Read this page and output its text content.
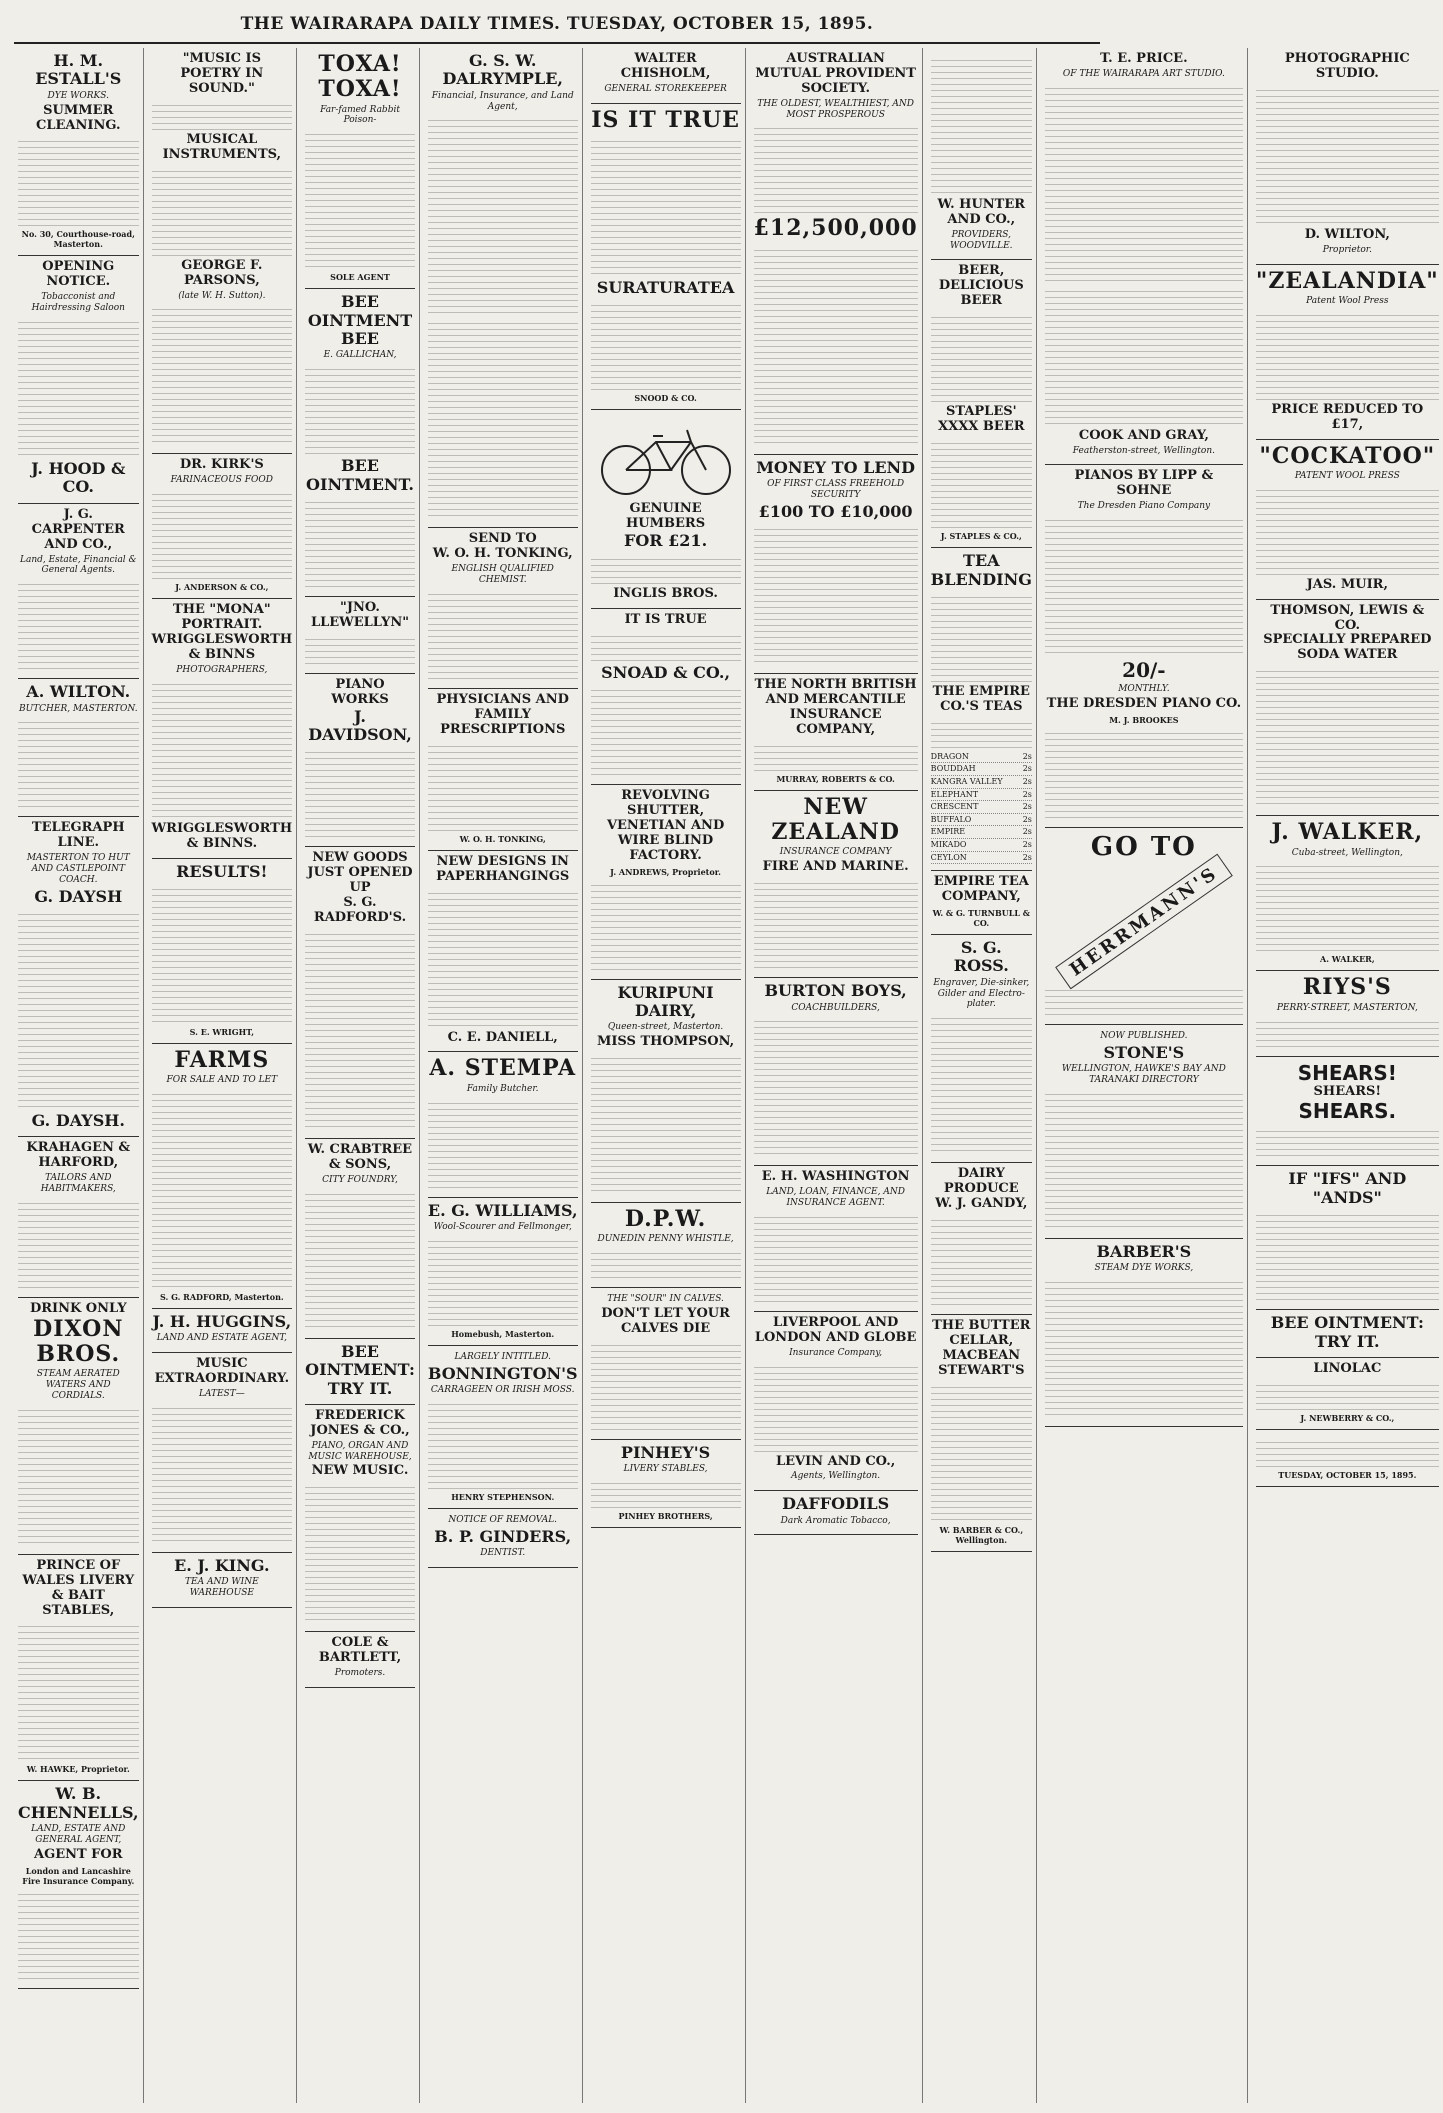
THE WAIRARAPA DAILY TIMES. TUESDAY, OCTOBER 15, 1895.
H. M. ESTALL'S
DYE WORKS.
SUMMER CLEANING.
No. 30, Courthouse-road, Masterton.
OPENING NOTICE.
Tobacconist and Hairdressing Saloon
J. HOOD & CO.
J. G. CARPENTER AND CO.,
Land, Estate, Financial & General Agents.
A. WILTON.
BUTCHER, MASTERTON.
TELEGRAPH LINE.
MASTERTON TO HUT AND CASTLEPOINT COACH.
G. DAYSH
G. DAYSH.
KRAHAGEN & HARFORD,
TAILORS AND HABITMAKERS,
DRINK ONLY
DIXON BROS.
STEAM AERATED WATERS AND CORDIALS.
PRINCE OF WALES LIVERY & BAIT STABLES,
W. HAWKE, Proprietor.
W. B. CHENNELLS,
LAND, ESTATE AND GENERAL AGENT,
AGENT FOR
London and Lancashire Fire Insurance Company.
"MUSIC IS POETRY IN SOUND."
MUSICAL INSTRUMENTS,
GEORGE F. PARSONS,
(late W. H. Sutton).
DR. KIRK'S
FARINACEOUS FOOD
J. ANDERSON & CO.,
THE "MONA" PORTRAIT.
WRIGGLESWORTH & BINNS
PHOTOGRAPHERS,
WRIGGLESWORTH & BINNS.
RESULTS!
S. E. WRIGHT,
FARMS
FOR SALE AND TO LET
S. G. RADFORD, Masterton.
J. H. HUGGINS,
LAND AND ESTATE AGENT,
MUSIC EXTRAORDINARY.
LATEST—
E. J. KING.
TEA AND WINE WAREHOUSE
TOXA! TOXA!
Far-famed Rabbit Poison-
SOLE AGENT
BEE OINTMENT BEE
E. GALLICHAN,
BEE OINTMENT.
"JNO. LLEWELLYN"
PIANO WORKS
J. DAVIDSON,
NEW GOODS JUST OPENED UP
S. G. RADFORD'S.
W. CRABTREE & SONS,
CITY FOUNDRY,
BEE OINTMENT: TRY IT.
FREDERICK JONES & CO.,
PIANO, ORGAN AND MUSIC WAREHOUSE,
NEW MUSIC.
COLE & BARTLETT,
Promoters.
G. S. W. DALRYMPLE,
Financial, Insurance, and Land Agent,
SEND TO
W. O. H. TONKING,
ENGLISH QUALIFIED CHEMIST.
PHYSICIANS AND FAMILY PRESCRIPTIONS
W. O. H. TONKING,
NEW DESIGNS IN PAPERHANGINGS
C. E. DANIELL,
A. STEMPA
Family Butcher.
E. G. WILLIAMS,
Wool-Scourer and Fellmonger,
Homebush, Masterton.
LARGELY INTITLED.
BONNINGTON'S
CARRAGEEN OR IRISH MOSS.
HENRY STEPHENSON.
NOTICE OF REMOVAL.
B. P. GINDERS,
DENTIST.
WALTER CHISHOLM,
GENERAL STOREKEEPER
IS IT TRUE
SURATURATEA
SNOOD & CO.
GENUINE HUMBERS
FOR £21.
INGLIS BROS.
IT IS TRUE
SNOAD & CO.,
REVOLVING SHUTTER, VENETIAN AND WIRE BLIND FACTORY.
J. ANDREWS, Proprietor.
KURIPUNI DAIRY,
Queen-street, Masterton.
MISS THOMPSON,
D.P.W.
DUNEDIN PENNY WHISTLE,
THE "SOUR" IN CALVES.
DON'T LET YOUR CALVES DIE
PINHEY'S
LIVERY STABLES,
PINHEY BROTHERS,
AUSTRALIAN MUTUAL PROVIDENT SOCIETY.
THE OLDEST, WEALTHIEST, AND MOST PROSPEROUS
£12,500,000
MONEY TO LEND
OF FIRST CLASS FREEHOLD SECURITY
£100 TO £10,000
THE NORTH BRITISH AND MERCANTILE INSURANCE COMPANY,
MURRAY, ROBERTS & CO.
NEW ZEALAND
INSURANCE COMPANY
FIRE AND MARINE.
BURTON BOYS,
COACHBUILDERS,
E. H. WASHINGTON
LAND, LOAN, FINANCE, AND INSURANCE AGENT.
LIVERPOOL AND LONDON AND GLOBE
Insurance Company,
LEVIN AND CO.,
Agents, Wellington.
DAFFODILS
Dark Aromatic Tobacco,
W. HUNTER AND CO.,
PROVIDERS, WOODVILLE.
BEER, DELICIOUS BEER
STAPLES' XXXX BEER
J. STAPLES & CO.,
TEA BLENDING
THE EMPIRE CO.'S TEAS
DRAGON	2s
BOUDDAH	2s
KANGRA VALLEY	2s
ELEPHANT	2s
CRESCENT	2s
BUFFALO	2s
EMPIRE	2s
MIKADO	2s
CEYLON	2s
EMPIRE TEA COMPANY,
W. & G. TURNBULL & CO.
S. G. ROSS.
Engraver, Die-sinker, Gilder and Electro-plater.
DAIRY PRODUCE
W. J. GANDY,
THE BUTTER CELLAR,
MACBEAN STEWART'S
W. BARBER & CO., Wellington.
T. E. PRICE.
OF THE WAIRARAPA ART STUDIO.
COOK AND GRAY,
Featherston-street, Wellington.
PIANOS BY LIPP & SOHNE
The Dresden Piano Company
20/-
MONTHLY.
THE DRESDEN PIANO CO.
M. J. BROOKES
GO TO
HERRMANN'S
NOW PUBLISHED.
STONE'S
WELLINGTON, HAWKE'S BAY AND TARANAKI DIRECTORY
BARBER'S
STEAM DYE WORKS,
PHOTOGRAPHIC STUDIO.
D. WILTON,
Proprietor.
"ZEALANDIA"
Patent Wool Press
PRICE REDUCED TO £17,
"COCKATOO"
PATENT WOOL PRESS
JAS. MUIR,
THOMSON, LEWIS & CO.
SPECIALLY PREPARED SODA WATER
J. WALKER,
Cuba-street, Wellington,
A. WALKER,
RIYS'S
PERRY-STREET, MASTERTON,
SHEARS!
SHEARS!
SHEARS.
IF "IFS" AND "ANDS"
BEE OINTMENT: TRY IT.
LINOLAC
J. NEWBERRY & CO.,
TUESDAY, OCTOBER 15, 1895.
